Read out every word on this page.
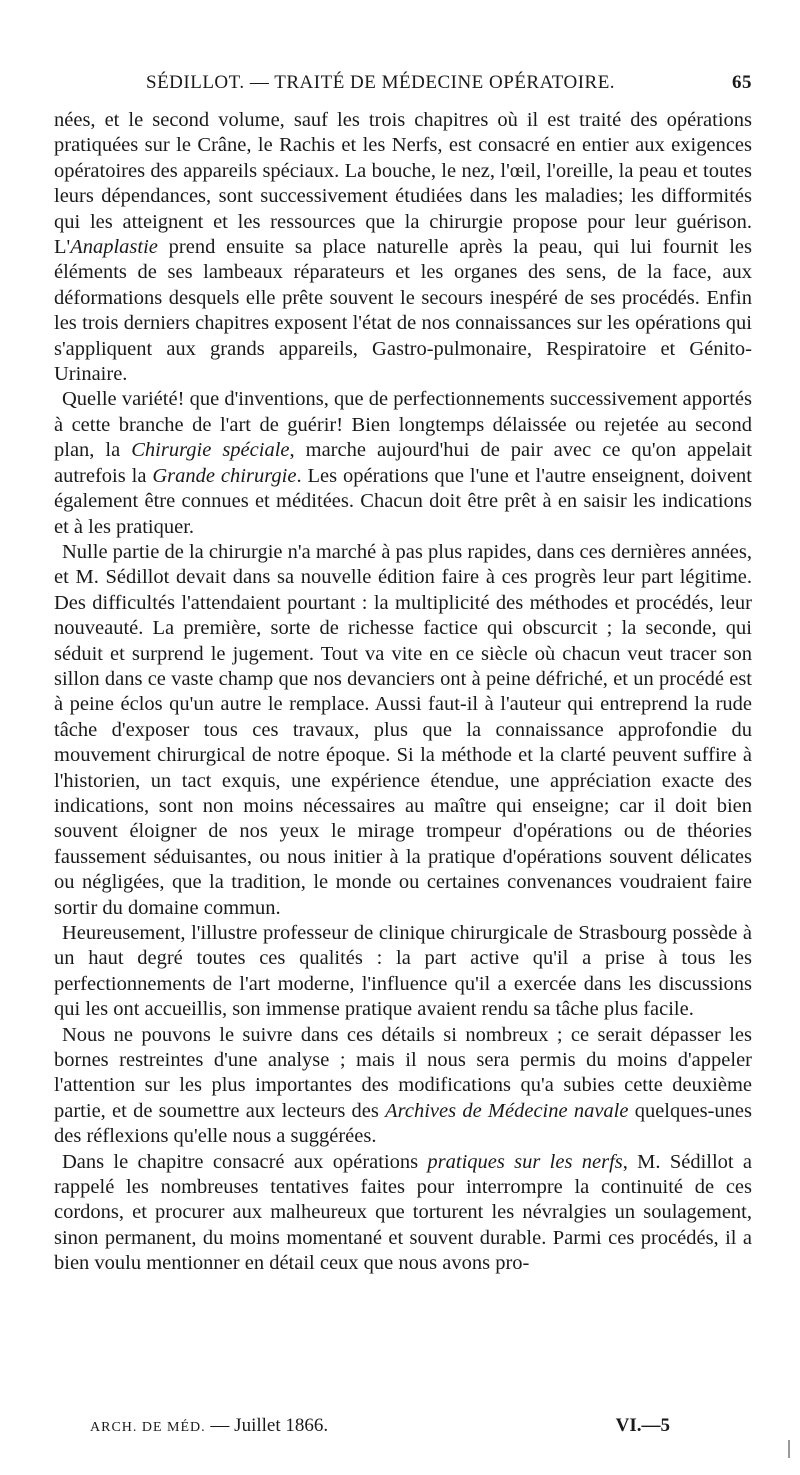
SÉDILLOT. — TRAITÉ DE MÉDECINE OPÉRATOIRE.	65

nées, et le second volume, sauf les trois chapitres où il est traité des opérations pratiquées sur le Crâne, le Rachis et les Nerfs, est consacré en entier aux exigences opératoires des appareils spéciaux. La bouche, le nez, l'œil, l'oreille, la peau et toutes leurs dépendances, sont successivement étudiées dans les maladies; les difformités qui les atteignent et les ressources que la chirurgie propose pour leur guérison. L'Anaplastie prend ensuite sa place naturelle après la peau, qui lui fournit les éléments de ses lambeaux réparateurs et les organes des sens, de la face, aux déformations desquels elle prête souvent le secours inespéré de ses procédés. Enfin les trois derniers chapitres exposent l'état de nos connaissances sur les opérations qui s'appliquent aux grands appareils, Gastro-pulmonaire, Respiratoire et Génito-Urinaire.

Quelle variété! que d'inventions, que de perfectionnements successivement apportés à cette branche de l'art de guérir! Bien longtemps délaissée ou rejetée au second plan, la Chirurgie spéciale, marche aujourd'hui de pair avec ce qu'on appelait autrefois la Grande chirurgie. Les opérations que l'une et l'autre enseignent, doivent également être connues et méditées. Chacun doit être prêt à en saisir les indications et à les pratiquer.

Nulle partie de la chirurgie n'a marché à pas plus rapides, dans ces dernières années, et M. Sédillot devait dans sa nouvelle édition faire à ces progrès leur part légitime. Des difficultés l'attendaient pourtant : la multiplicité des méthodes et procédés, leur nouveauté. La première, sorte de richesse factice qui obscurcit ; la seconde, qui séduit et surprend le jugement. Tout va vite en ce siècle où chacun veut tracer son sillon dans ce vaste champ que nos devanciers ont à peine défriché, et un procédé est à peine éclos qu'un autre le remplace. Aussi faut-il à l'auteur qui entreprend la rude tâche d'exposer tous ces travaux, plus que la connaissance approfondie du mouvement chirurgical de notre époque. Si la méthode et la clarté peuvent suffire à l'historien, un tact exquis, une expérience étendue, une appréciation exacte des indications, sont non moins nécessaires au maître qui enseigne; car il doit bien souvent éloigner de nos yeux le mirage trompeur d'opérations ou de théories faussement séduisantes, ou nous initier à la pratique d'opérations souvent délicates ou négligées, que la tradition, le monde ou certaines convenances voudraient faire sortir du domaine commun.

Heureusement, l'illustre professeur de clinique chirurgicale de Strasbourg possède à un haut degré toutes ces qualités : la part active qu'il a prise à tous les perfectionnements de l'art moderne, l'influence qu'il a exercée dans les discussions qui les ont accueillis, son immense pratique avaient rendu sa tâche plus facile.

Nous ne pouvons le suivre dans ces détails si nombreux ; ce serait dépasser les bornes restreintes d'une analyse ; mais il nous sera permis du moins d'appeler l'attention sur les plus importantes des modifications qu'a subies cette deuxième partie, et de soumettre aux lecteurs des Archives de Médecine navale quelques-unes des réflexions qu'elle nous a suggérées.

Dans le chapitre consacré aux opérations pratiques sur les nerfs, M. Sédillot a rappelé les nombreuses tentatives faites pour interrompre la continuité de ces cordons, et procurer aux malheureux que torturent les névralgies un soulagement, sinon permanent, du moins momentané et souvent durable. Parmi ces procédés, il a bien voulu mentionner en détail ceux que nous avons pro-

ARCH. DE MÉD. — Juillet 1866.	VI.—5
